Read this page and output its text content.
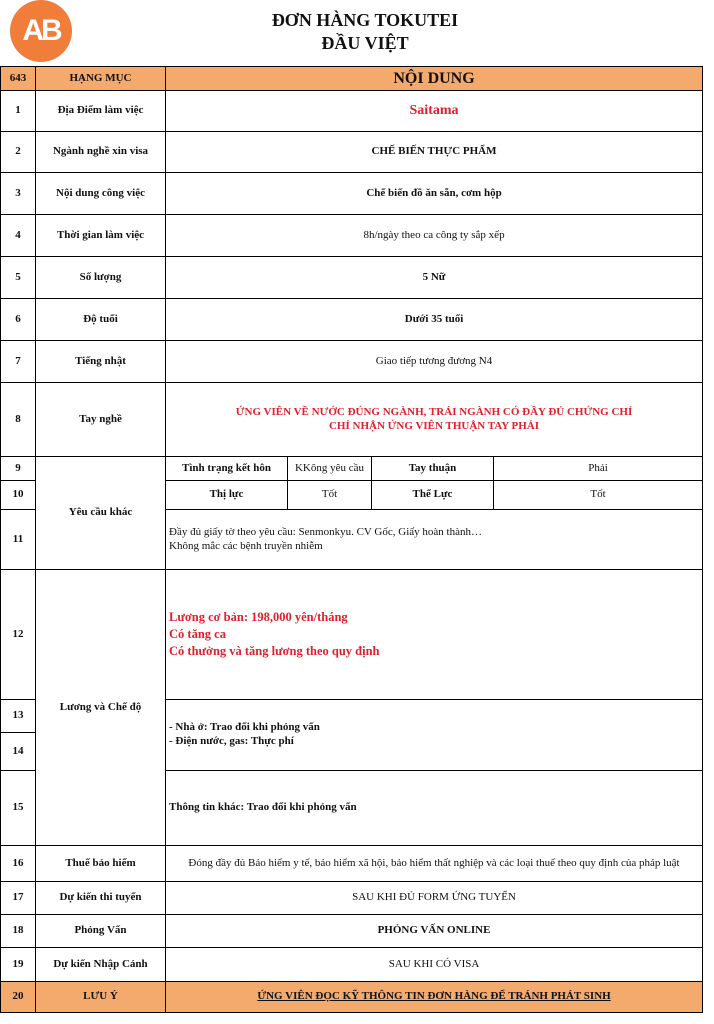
AB	ĐƠN HÀNG TOKUTEI
ĐẦU VIỆT
643	HẠNG MỤC	NỘI DUNG			
1	Địa Điểm làm việc	Saitama			
2	Ngành nghề xin visa	CHẾ BIẾN THỰC PHẨM			
3	Nội dung công việc	Chế biến đồ ăn sẵn, cơm hộp			
4	Thời gian làm việc	8h/ngày theo ca công ty sắp xếp			
5	Số lượng	5 Nữ			
6	Độ tuổi	Dưới 35 tuổi			
7	Tiếng nhật	Giao tiếp tương đương N4			
8	Tay nghề	ỨNG VIÊN VỀ NƯỚC ĐÚNG NGÀNH, TRÁI NGÀNH CÓ ĐẦY ĐỦ CHỨNG CHỈ
CHỈ NHẬN ỨNG VIÊN THUẬN TAY PHẢI			

9	Yêu cầu khác	Tình trạng kết hôn	KKông yêu cầu	Tay thuận	Phải
10		Thị lực	Tốt	Thể Lực	Tốt
11		Đầy đủ giấy tờ theo yêu cầu: Senmonkyu. CV Gốc, Giấy hoàn thành…
Không mắc các bệnh truyền nhiễm			

12	Lương và Chế độ	Lương cơ bản: 198,000 yên/tháng
Có tăng ca
Có thưởng và tăng lương theo quy định			

13		- Nhà ở: Trao đổi khi phỏng vấn
- Điện nước, gas: Thực phí			

14					
15		Thông tin khác: Trao đổi khi phỏng vấn			
16	Thuế bảo hiểm	Đóng đầy đủ Bảo hiểm y tế, bảo hiểm xã hội, bảo hiểm thất nghiệp và các loại thuế theo quy định của pháp luật			
17	Dự kiến thi tuyển	SAU KHI ĐỦ FORM ỨNG TUYỂN			
18	Phỏng Vấn	PHỎNG VẤN ONLINE			
19	Dự kiến Nhập Cảnh	SAU KHI CÓ VISA			
20	LƯU Ý	ỨNG VIÊN ĐỌC KỸ THÔNG TIN ĐƠN HÀNG ĐỂ TRÁNH PHÁT SINH			
